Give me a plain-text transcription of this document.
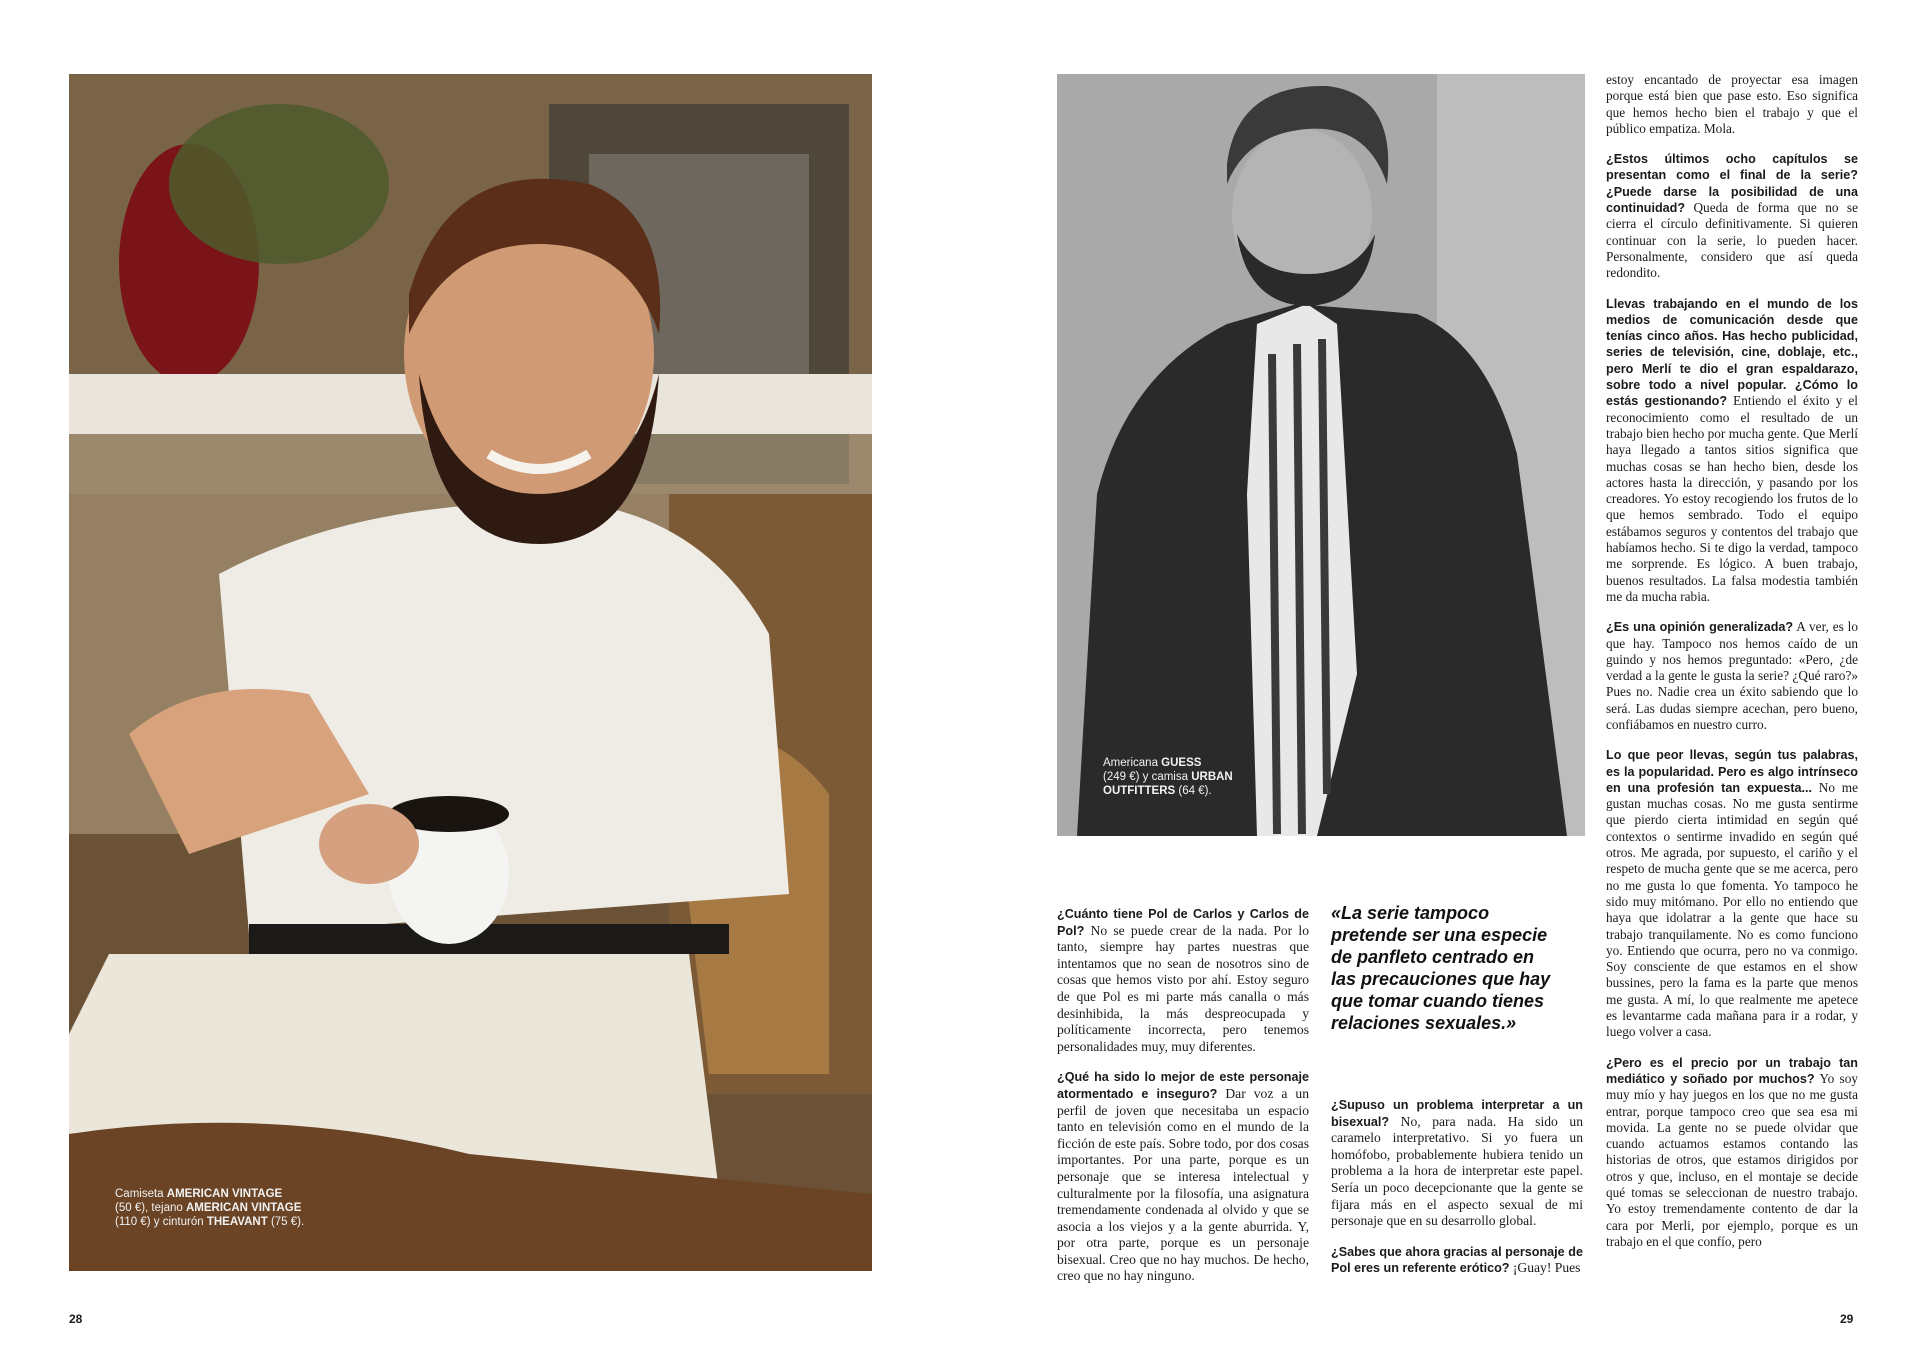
Camiseta AMERICAN VINTAGE
(50 €), tejano AMERICAN VINTAGE
(110 €) y cinturón THEAVANT (75 €).
Americana GUESS
(249 €) y camisa URBAN
OUTFITTERS (64 €).

¿Cuánto tiene Pol de Carlos y Carlos de Pol? No se puede crear de la nada. Por lo tanto, siempre hay partes nuestras que intentamos que no sean de nosotros sino de cosas que hemos visto por ahí. Estoy seguro de que Pol es mi parte más canalla o más desinhibida, la más despreocupada y políticamente incorrecta, pero tenemos personalidades muy, muy diferentes.

¿Qué ha sido lo mejor de este personaje atormentado e inseguro? Dar voz a un perfil de joven que necesitaba un espacio tanto en televisión como en el mundo de la ficción de este país. Sobre todo, por dos cosas importantes. Por una parte, porque es un personaje que se interesa intelectual y culturalmente por la filosofía, una asignatura tremendamente condenada al olvido y que se asocia a los viejos y a la gente aburrida. Y, por otra parte, porque es un personaje bisexual. Creo que no hay muchos. De hecho, creo que no hay ninguno.

«La serie tampoco pretende ser una especie de panfleto centrado en las precauciones que hay que tomar cuando tienes relaciones sexuales.»

¿Supuso un problema interpretar a un bisexual? No, para nada. Ha sido un caramelo interpretativo. Si yo fuera un homófobo, probablemente hubiera tenido un problema a la hora de interpretar este papel. Sería un poco decepcionante que la gente se fijara más en el aspecto sexual de mi personaje que en su desarrollo global.

¿Sabes que ahora gracias al personaje de Pol eres un referente erótico? ¡Guay! Pues

estoy encantado de proyectar esa imagen porque está bien que pase esto. Eso significa que hemos hecho bien el trabajo y que el público empatiza. Mola.

¿Estos últimos ocho capítulos se presentan como el final de la serie? ¿Puede darse la posibilidad de una continuidad? Queda de forma que no se cierra el círculo definitivamente. Si quieren continuar con la serie, lo pueden hacer. Personalmente, considero que así queda redondito.

Llevas trabajando en el mundo de los medios de comunicación desde que tenías cinco años. Has hecho publicidad, series de televisión, cine, doblaje, etc., pero Merlí te dio el gran espaldarazo, sobre todo a nivel popular. ¿Cómo lo estás gestionando? Entiendo el éxito y el reconocimiento como el resultado de un trabajo bien hecho por mucha gente. Que Merlí haya llegado a tantos sitios significa que muchas cosas se han hecho bien, desde los actores hasta la dirección, y pasando por los creadores. Yo estoy recogiendo los frutos de lo que hemos sembrado. Todo el equipo estábamos seguros y contentos del trabajo que habíamos hecho. Si te digo la verdad, tampoco me sorprende. Es lógico. A buen trabajo, buenos resultados. La falsa modestia también me da mucha rabia.

¿Es una opinión generalizada? A ver, es lo que hay. Tampoco nos hemos caído de un guindo y nos hemos preguntado: «Pero, ¿de verdad a la gente le gusta la serie? ¿Qué raro?» Pues no. Nadie crea un éxito sabiendo que lo será. Las dudas siempre acechan, pero bueno, confiábamos en nuestro curro.

Lo que peor llevas, según tus palabras, es la popularidad. Pero es algo intrínseco en una profesión tan expuesta... No me gustan muchas cosas. No me gusta sentirme que pierdo cierta intimidad en según qué contextos o sentirme invadido en según qué otros. Me agrada, por supuesto, el cariño y el respeto de mucha gente que se me acerca, pero no me gusta lo que fomenta. Yo tampoco he sido muy mitómano. Por ello no entiendo que haya que idolatrar a la gente que hace su trabajo tranquilamente. No es como funciono yo. Entiendo que ocurra, pero no va conmigo. Soy consciente de que estamos en el show bussines, pero la fama es la parte que menos me gusta. A mí, lo que realmente me apetece es levantarme cada mañana para ir a rodar, y luego volver a casa.

¿Pero es el precio por un trabajo tan mediático y soñado por muchos? Yo soy muy mío y hay juegos en los que no me gusta entrar, porque tampoco creo que sea esa mi movida. La gente no se puede olvidar que cuando actuamos estamos contando las historias de otros, que estamos dirigidos por otros y que, incluso, en el montaje se decide qué tomas se seleccionan de nuestro trabajo. Yo estoy tremendamente contento de dar la cara por Merli, por ejemplo, porque es un trabajo en el que confío, pero

28	29
